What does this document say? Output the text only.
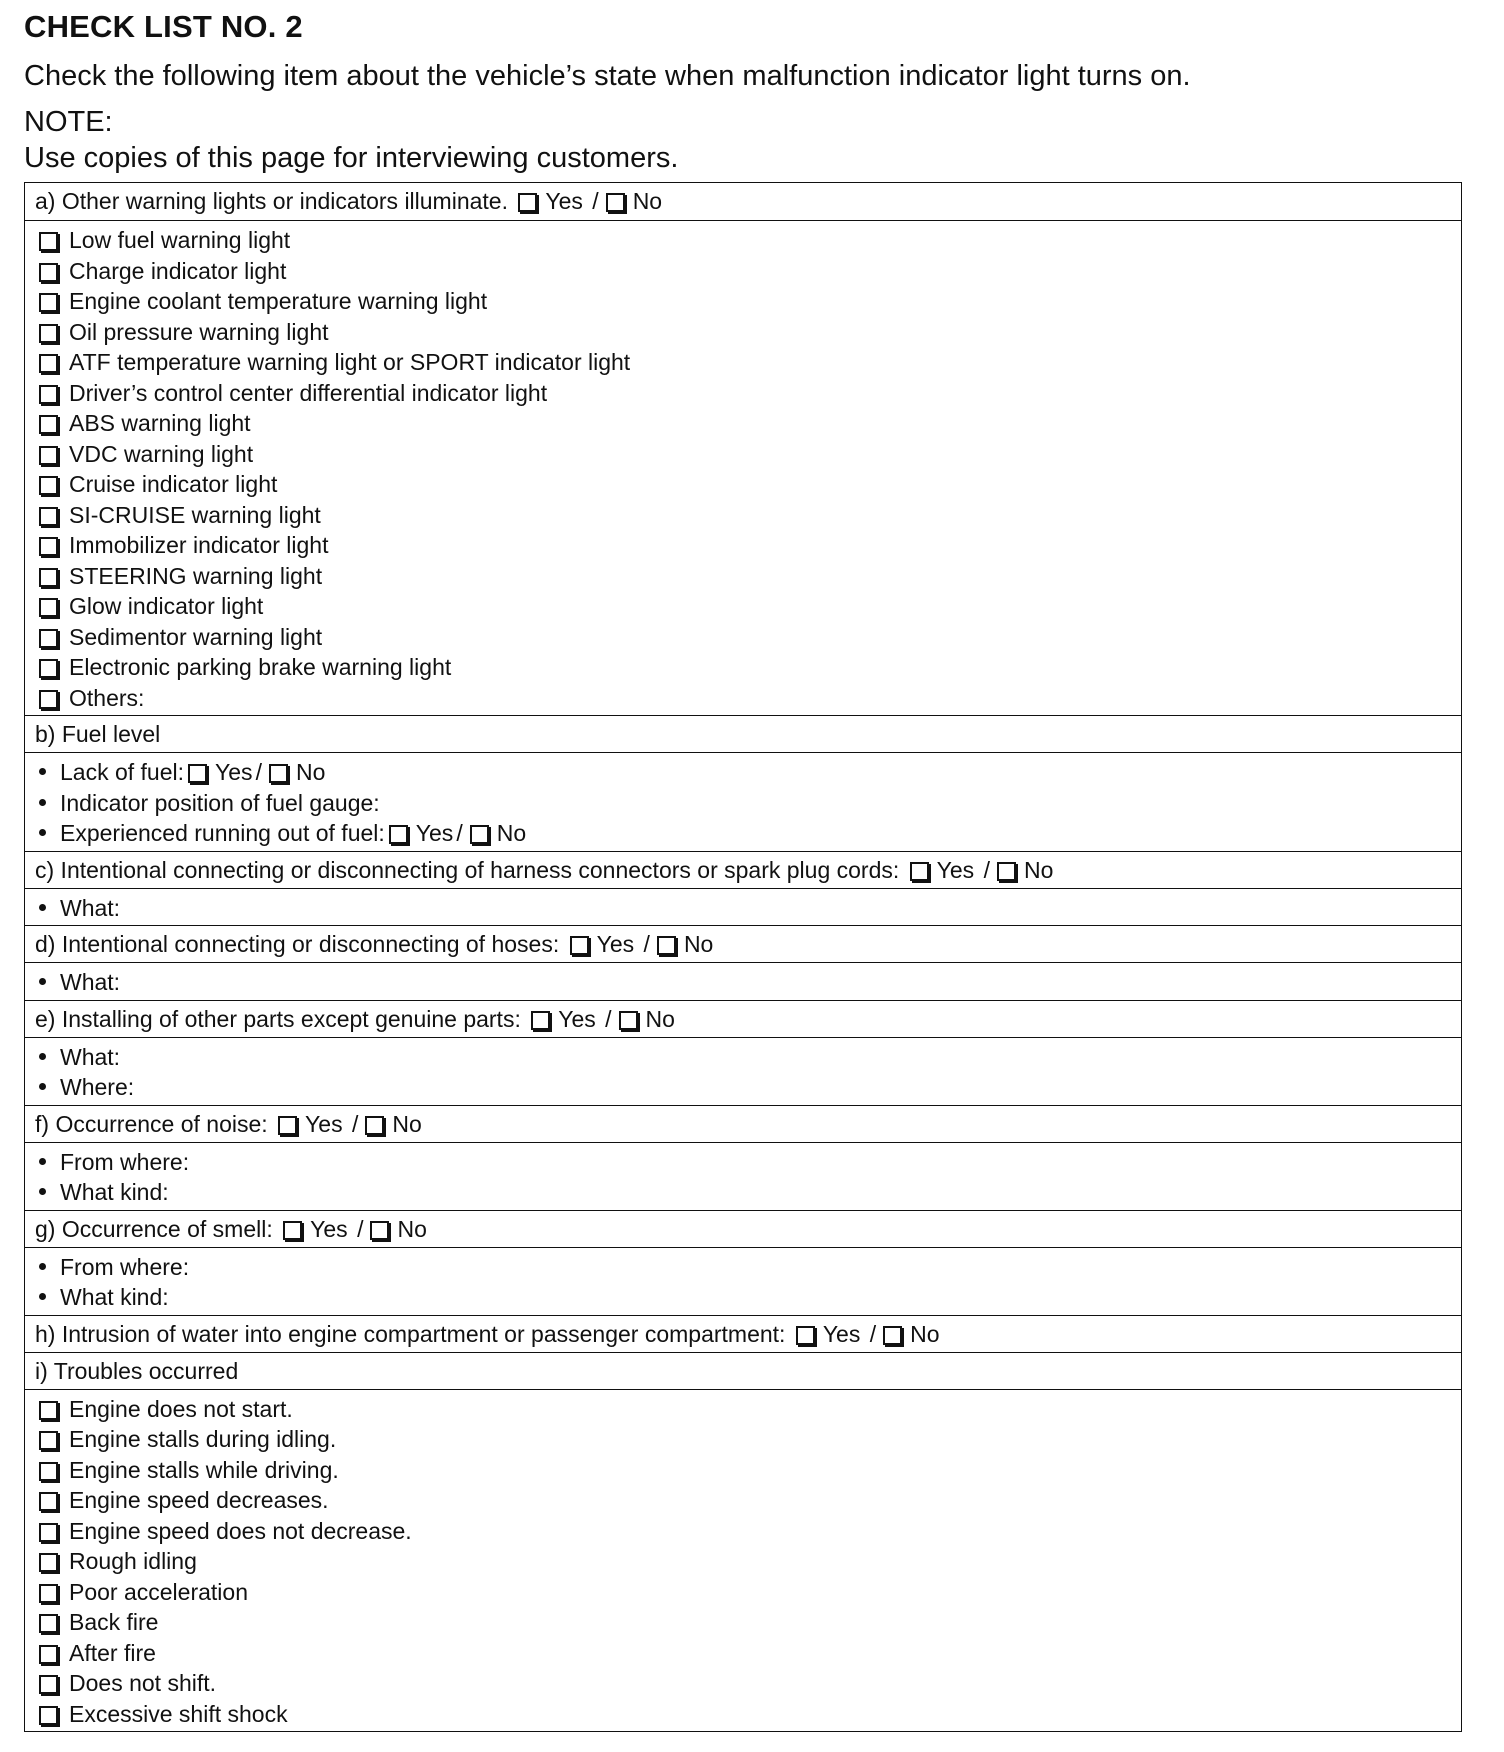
CHECK LIST NO. 2
Check the following item about the vehicle’s state when malfunction indicator light turns on.
NOTE:
Use copies of this page for interviewing customers.
a) Other warning lights or indicators illuminate. Yes / No
Low fuel warning light
Charge indicator light
Engine coolant temperature warning light
Oil pressure warning light
ATF temperature warning light or SPORT indicator light
Driver’s control center differential indicator light
ABS warning light
VDC warning light
Cruise indicator light
SI-CRUISE warning light
Immobilizer indicator light
STEERING warning light
Glow indicator light
Sedimentor warning light
Electronic parking brake warning light
Others:
b) Fuel level
Lack of fuel: Yes / No
Indicator position of fuel gauge:
Experienced running out of fuel: Yes / No
c) Intentional connecting or disconnecting of harness connectors or spark plug cords: Yes / No
What:
d) Intentional connecting or disconnecting of hoses: Yes / No
What:
e) Installing of other parts except genuine parts: Yes / No
What:
Where:
f) Occurrence of noise: Yes / No
From where:
What kind:
g) Occurrence of smell: Yes / No
From where:
What kind:
h) Intrusion of water into engine compartment or passenger compartment: Yes / No
i) Troubles occurred
Engine does not start.
Engine stalls during idling.
Engine stalls while driving.
Engine speed decreases.
Engine speed does not decrease.
Rough idling
Poor acceleration
Back fire
After fire
Does not shift.
Excessive shift shock
